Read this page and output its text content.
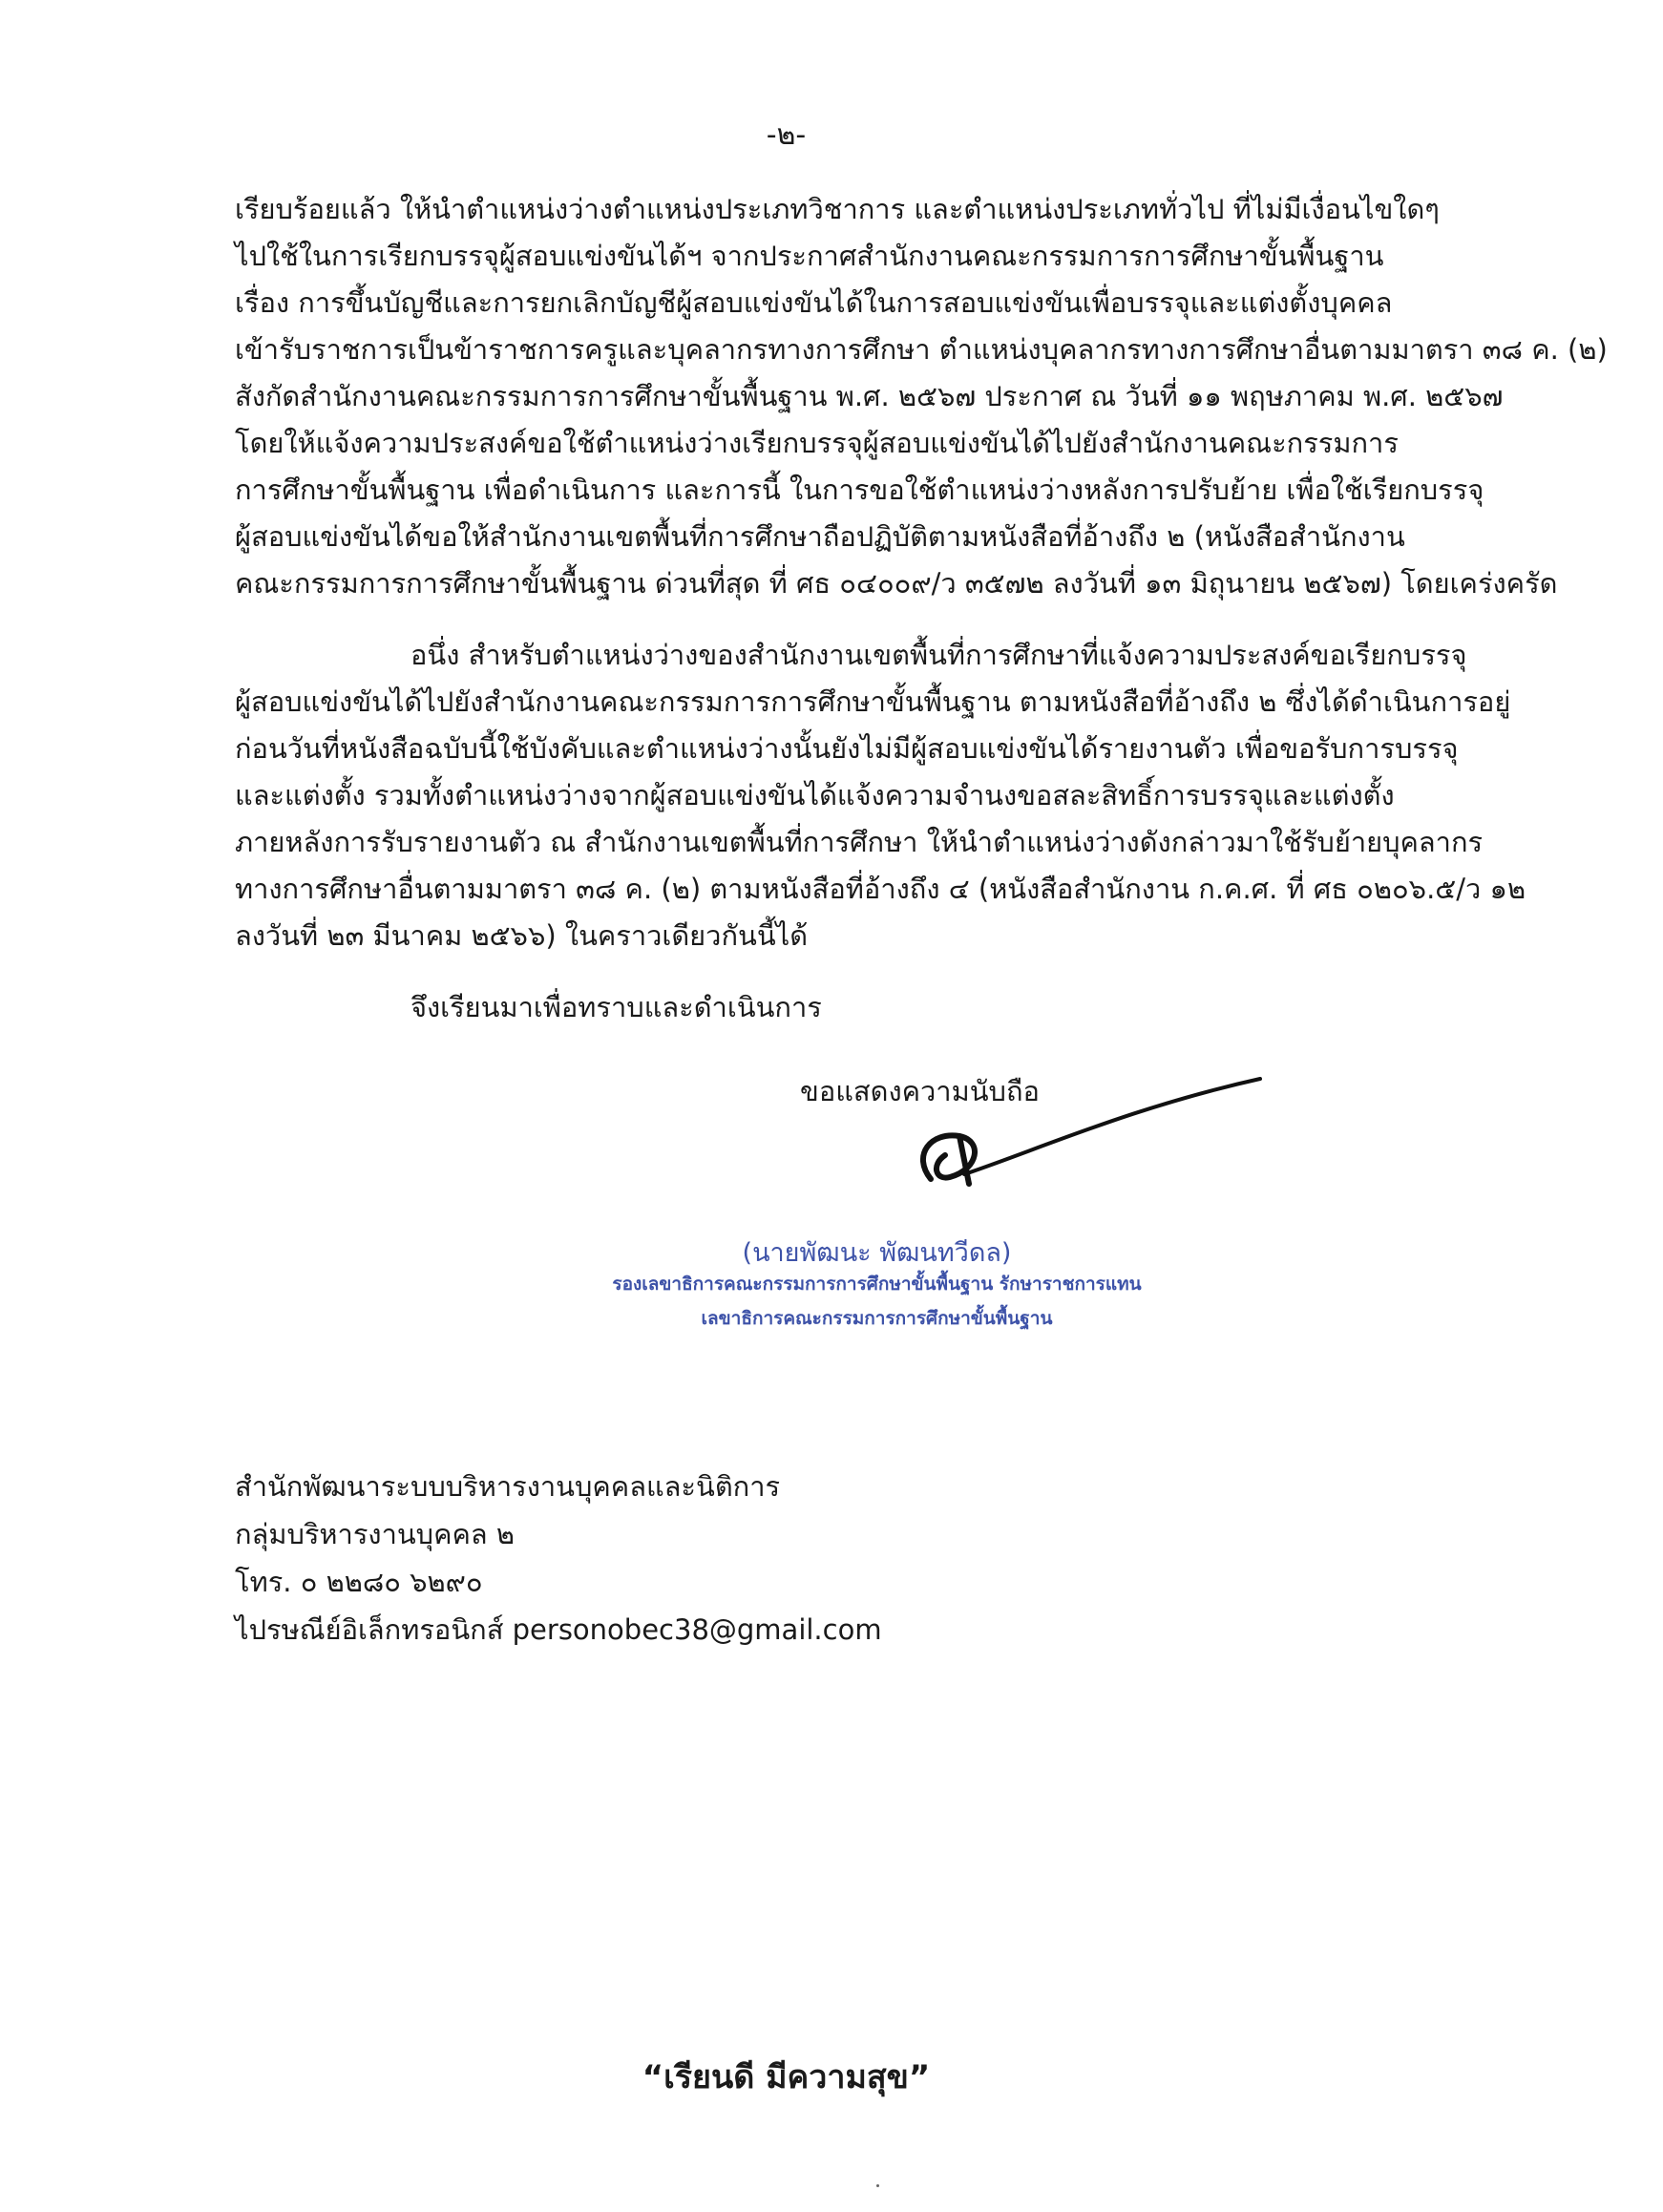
-๒-
เรียบร้อยแล้ว ให้นำตำแหน่งว่างตำแหน่งประเภทวิชาการ และตำแหน่งประเภททั่วไป ที่ไม่มีเงื่อนไขใดๆ
ไปใช้ในการเรียกบรรจุผู้สอบแข่งขันได้ฯ จากประกาศสำนักงานคณะกรรมการการศึกษาขั้นพื้นฐาน
เรื่อง การขึ้นบัญชีและการยกเลิกบัญชีผู้สอบแข่งขันได้ในการสอบแข่งขันเพื่อบรรจุและแต่งตั้งบุคคล
เข้ารับราชการเป็นข้าราชการครูและบุคลากรทางการศึกษา ตำแหน่งบุคลากรทางการศึกษาอื่นตามมาตรา ๓๘ ค. (๒)
สังกัดสำนักงานคณะกรรมการการศึกษาขั้นพื้นฐาน พ.ศ. ๒๕๖๗ ประกาศ ณ วันที่ ๑๑ พฤษภาคม พ.ศ. ๒๕๖๗
โดยให้แจ้งความประสงค์ขอใช้ตำแหน่งว่างเรียกบรรจุผู้สอบแข่งขันได้ไปยังสำนักงานคณะกรรมการ
การศึกษาขั้นพื้นฐาน เพื่อดำเนินการ และการนี้ ในการขอใช้ตำแหน่งว่างหลังการปรับย้าย เพื่อใช้เรียกบรรจุ
ผู้สอบแข่งขันได้ขอให้สำนักงานเขตพื้นที่การศึกษาถือปฏิบัติตามหนังสือที่อ้างถึง ๒ (หนังสือสำนักงาน
คณะกรรมการการศึกษาขั้นพื้นฐาน ด่วนที่สุด ที่ ศธ ๐๔๐๐๙/ว ๓๕๗๒ ลงวันที่ ๑๓ มิถุนายน ๒๕๖๗) โดยเคร่งครัด
อนึ่ง สำหรับตำแหน่งว่างของสำนักงานเขตพื้นที่การศึกษาที่แจ้งความประสงค์ขอเรียกบรรจุ
ผู้สอบแข่งขันได้ไปยังสำนักงานคณะกรรมการการศึกษาขั้นพื้นฐาน ตามหนังสือที่อ้างถึง ๒ ซึ่งได้ดำเนินการอยู่
ก่อนวันที่หนังสือฉบับนี้ใช้บังคับและตำแหน่งว่างนั้นยังไม่มีผู้สอบแข่งขันได้รายงานตัว เพื่อขอรับการบรรจุ
และแต่งตั้ง รวมทั้งตำแหน่งว่างจากผู้สอบแข่งขันได้แจ้งความจำนงขอสละสิทธิ์การบรรจุและแต่งตั้ง
ภายหลังการรับรายงานตัว ณ สำนักงานเขตพื้นที่การศึกษา ให้นำตำแหน่งว่างดังกล่าวมาใช้รับย้ายบุคลากร
ทางการศึกษาอื่นตามมาตรา ๓๘ ค. (๒) ตามหนังสือที่อ้างถึง ๔ (หนังสือสำนักงาน ก.ค.ศ. ที่ ศธ ๐๒๐๖.๕/ว ๑๒
ลงวันที่ ๒๓ มีนาคม ๒๕๖๖) ในคราวเดียวกันนี้ได้
จึงเรียนมาเพื่อทราบและดำเนินการ
ขอแสดงความนับถือ
(นายพัฒนะ พัฒนทวีดล)
รองเลขาธิการคณะกรรมการการศึกษาขั้นพื้นฐาน รักษาราชการแทน
เลขาธิการคณะกรรมการการศึกษาขั้นพื้นฐาน
สำนักพัฒนาระบบบริหารงานบุคคลและนิติการ
กลุ่มบริหารงานบุคคล ๒
โทร. ๐ ๒๒๘๐ ๖๒๙๐
ไปรษณีย์อิเล็กทรอนิกส์ personobec38@gmail.com
“เรียนดี มีความสุข”
